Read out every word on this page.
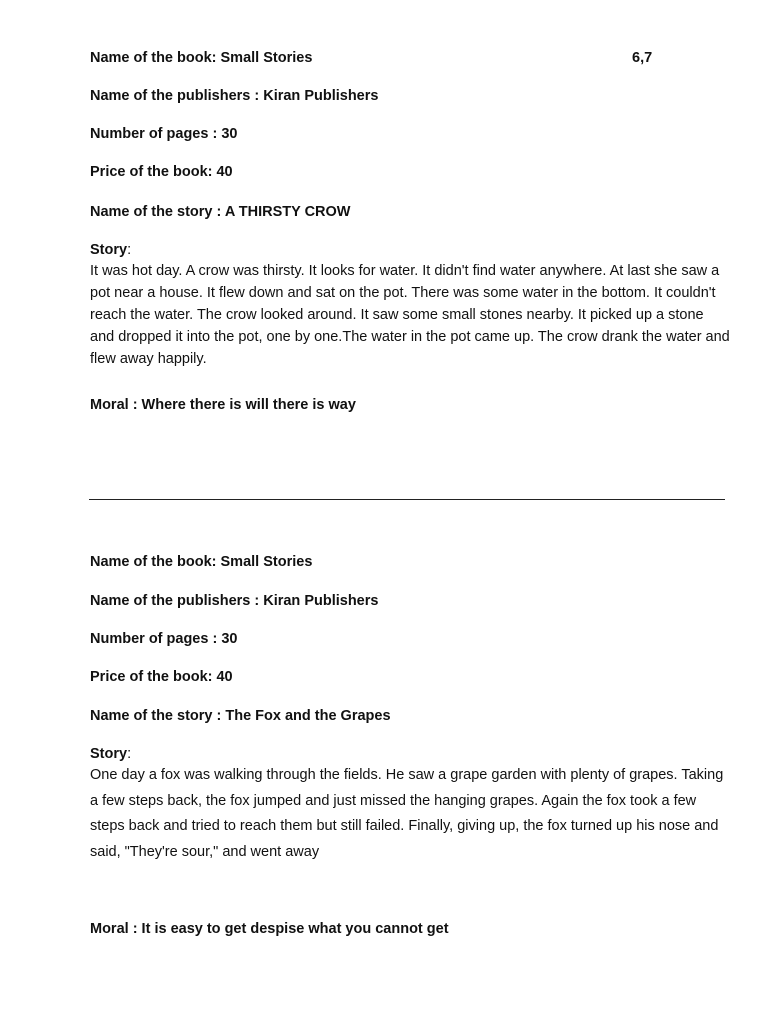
Name of the book: Small Stories	6,7
Name of the publishers : Kiran Publishers
Number of pages : 30
Price of the book: 40
Name of the story : A THIRSTY CROW
Story:
It was hot day. A crow was thirsty. It looks for water. It didn't find water anywhere. At last she saw a pot near a house. It flew down and sat on the pot. There was some water in the bottom. It couldn't reach the water. The crow looked around. It saw some small stones nearby. It picked up a stone and dropped it into the pot, one by one.The water in the pot came up. The crow drank the water and flew away happily.
Moral : Where there is will there is way
Name of the book: Small Stories
Name of the publishers : Kiran Publishers
Number of pages : 30
Price of the book: 40
Name of the story : The Fox and the Grapes
Story:
One day a fox was walking through the fields. He saw a grape garden with plenty of grapes. Taking a few steps back, the fox jumped and just missed the hanging grapes. Again the fox took a few steps back and tried to reach them but still failed. Finally, giving up, the fox turned up his nose and said, "They're sour," and went away
Moral : It is easy to get despise what you cannot get
